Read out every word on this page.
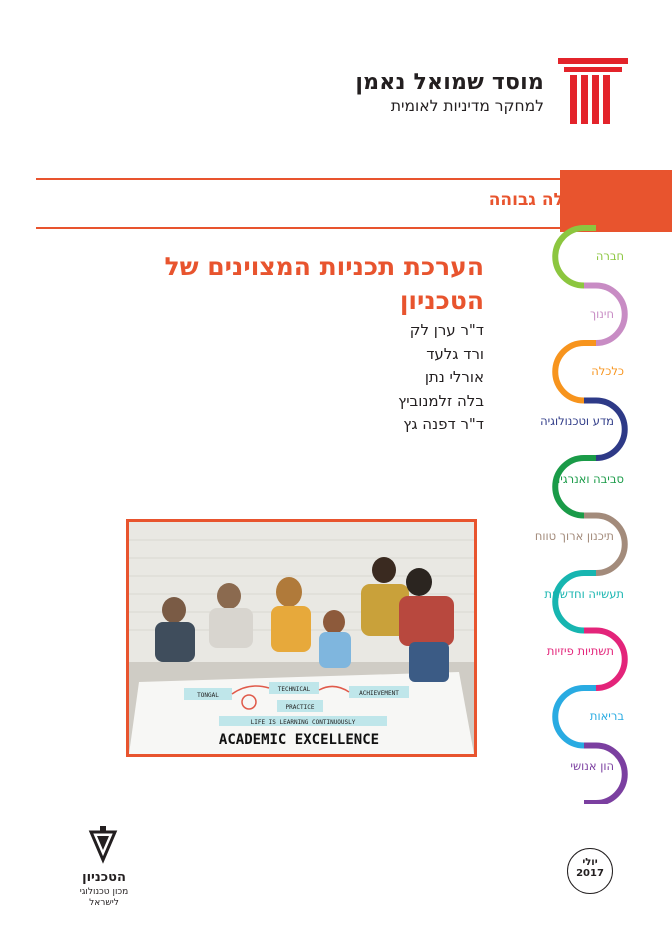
מוסד שמואל נאמן
למחקר מדיניות לאומית
השכלה גבוהה
הערכת תכניות המצוינים של הטכניון
ד"ר ערן לק
ורד גלעד
אורלי נתן
בלה זלמנוביץ
ד"ר דפנה גץ
TONGAL
TECHNICAL
PRACTICE
ACHIEVEMENT
LIFE IS LEARNING CONTINUOUSLY
ACADEMIC EXCELLENCE
חברה
חינוך
כלכלה
מדע וטכנולוגיה
סביבה ואנרגיה
תיכנון ארוך טווח
תעשייה וחדשנות
תשתיות פיזיות
בריאות
הון אנושי
הטכניון
מכון טכנולוגי
לישראל
יולי
2017
